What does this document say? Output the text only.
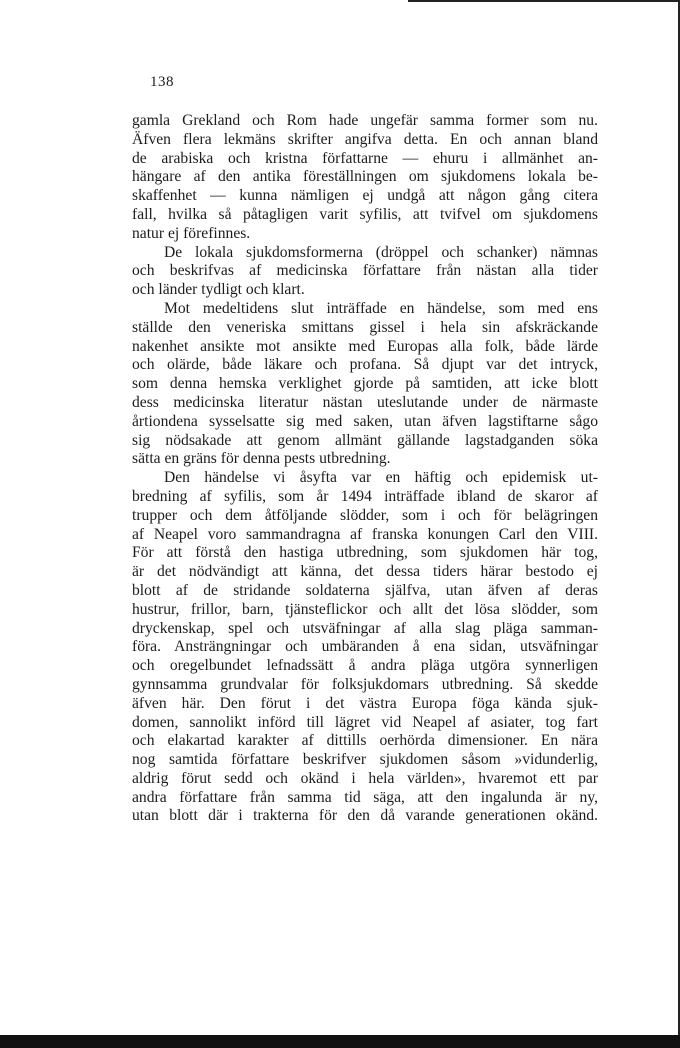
138
gamla Grekland och Rom hade ungefär samma former som nu.
Äfven flera lekmäns skrifter angifva detta. En och annan bland
de arabiska och kristna författarne — ehuru i allmänhet an-
hängare af den antika föreställningen om sjukdomens lokala be-
skaffenhet — kunna nämligen ej undgå att någon gång citera
fall, hvilka så påtagligen varit syfilis, att tvifvel om sjukdomens
natur ej förefinnes.
De lokala sjukdomsformerna (dröppel och schanker) nämnas
och beskrifvas af medicinska författare från nästan alla tider
och länder tydligt och klart.
Mot medeltidens slut inträffade en händelse, som med ens
ställde den veneriska smittans gissel i hela sin afskräckande
nakenhet ansikte mot ansikte med Europas alla folk, både lärde
och olärde, både läkare och profana. Så djupt var det intryck,
som denna hemska verklighet gjorde på samtiden, att icke blott
dess medicinska literatur nästan uteslutande under de närmaste
årtiondena sysselsatte sig med saken, utan äfven lagstiftarne sågo
sig nödsakade att genom allmänt gällande lagstadganden söka
sätta en gräns för denna pests utbredning.
Den händelse vi åsyfta var en häftig och epidemisk ut-
bredning af syfilis, som år 1494 inträffade ibland de skaror af
trupper och dem åtföljande slödder, som i och för belägringen
af Neapel voro sammandragna af franska konungen Carl den VIII.
För att förstå den hastiga utbredning, som sjukdomen här tog,
är det nödvändigt att känna, det dessa tiders härar bestodo ej
blott af de stridande soldaterna själfva, utan äfven af deras
hustrur, frillor, barn, tjänsteflickor och allt det lösa slödder, som
dryckenskap, spel och utsväfningar af alla slag pläga samman-
föra. Ansträngningar och umbäranden å ena sidan, utsväfningar
och oregelbundet lefnadssätt å andra pläga utgöra synnerligen
gynnsamma grundvalar för folksjukdomars utbredning. Så skedde
äfven här. Den förut i det västra Europa föga kända sjuk-
domen, sannolikt införd till lägret vid Neapel af asiater, tog fart
och elakartad karakter af dittills oerhörda dimensioner. En nära
nog samtida författare beskrifver sjukdomen såsom »vidunderlig,
aldrig förut sedd och okänd i hela världen», hvaremot ett par
andra författare från samma tid säga, att den ingalunda är ny,
utan blott där i trakterna för den då varande generationen okänd.
